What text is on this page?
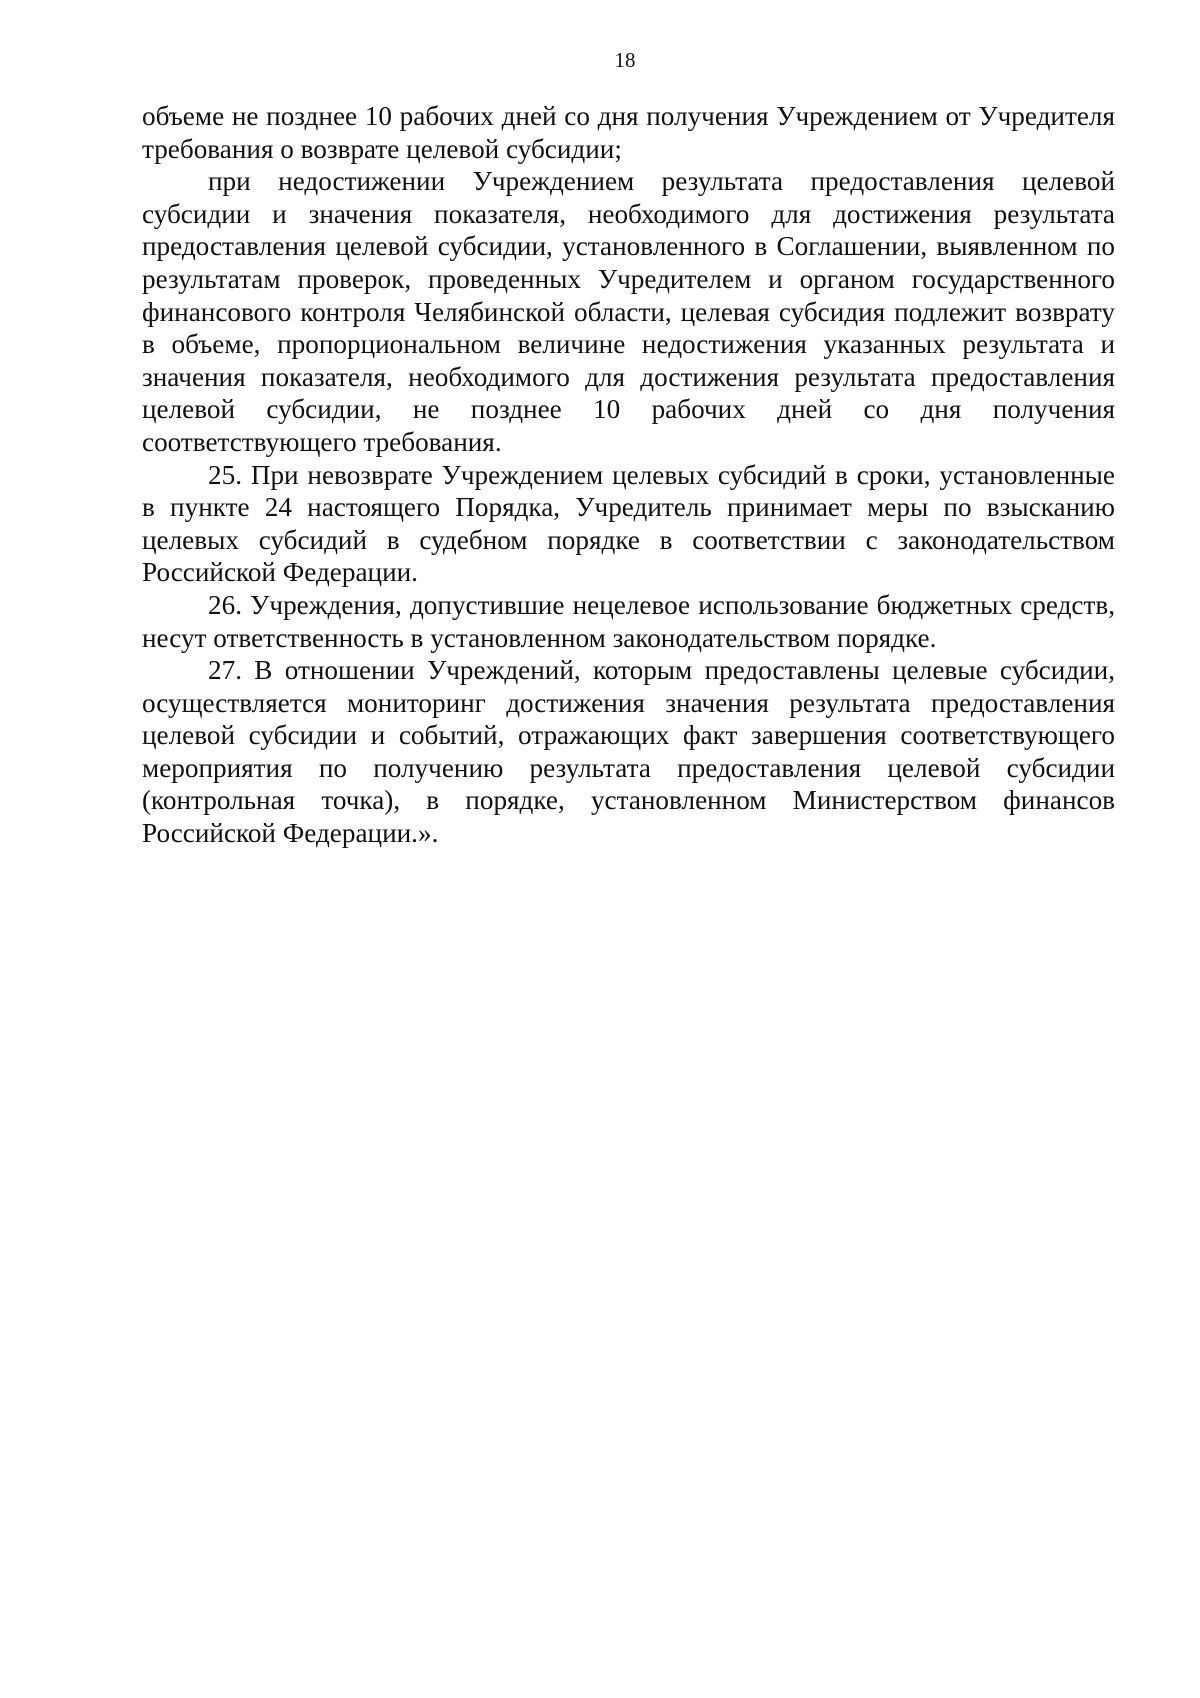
18

объеме не позднее 10 рабочих дней со дня получения Учреждением от Учредителя требования о возврате целевой субсидии;

при недостижении Учреждением результата предоставления целевой субсидии и значения показателя, необходимого для достижения результата предоставления целевой субсидии, установленного в Соглашении, выявленном по результатам проверок, проведенных Учредителем и органом государственного финансового контроля Челябинской области, целевая субсидия подлежит возврату в объеме, пропорциональном величине недостижения указанных результата и значения показателя, необходимого для достижения результата предоставления целевой субсидии, не позднее 10 рабочих дней со дня получения соответствующего требования.

25. При невозврате Учреждением целевых субсидий в сроки, установленные в пункте 24 настоящего Порядка, Учредитель принимает меры по взысканию целевых субсидий в судебном порядке в соответствии с законодательством Российской Федерации.

26. Учреждения, допустившие нецелевое использование бюджетных средств, несут ответственность в установленном законодательством порядке.

27. В отношении Учреждений, которым предоставлены целевые субсидии, осуществляется мониторинг достижения значения результата предоставления целевой субсидии и событий, отражающих факт завершения соответствующего мероприятия по получению результата предоставления целевой субсидии (контрольная точка), в порядке, установленном Министерством финансов Российской Федерации.».
